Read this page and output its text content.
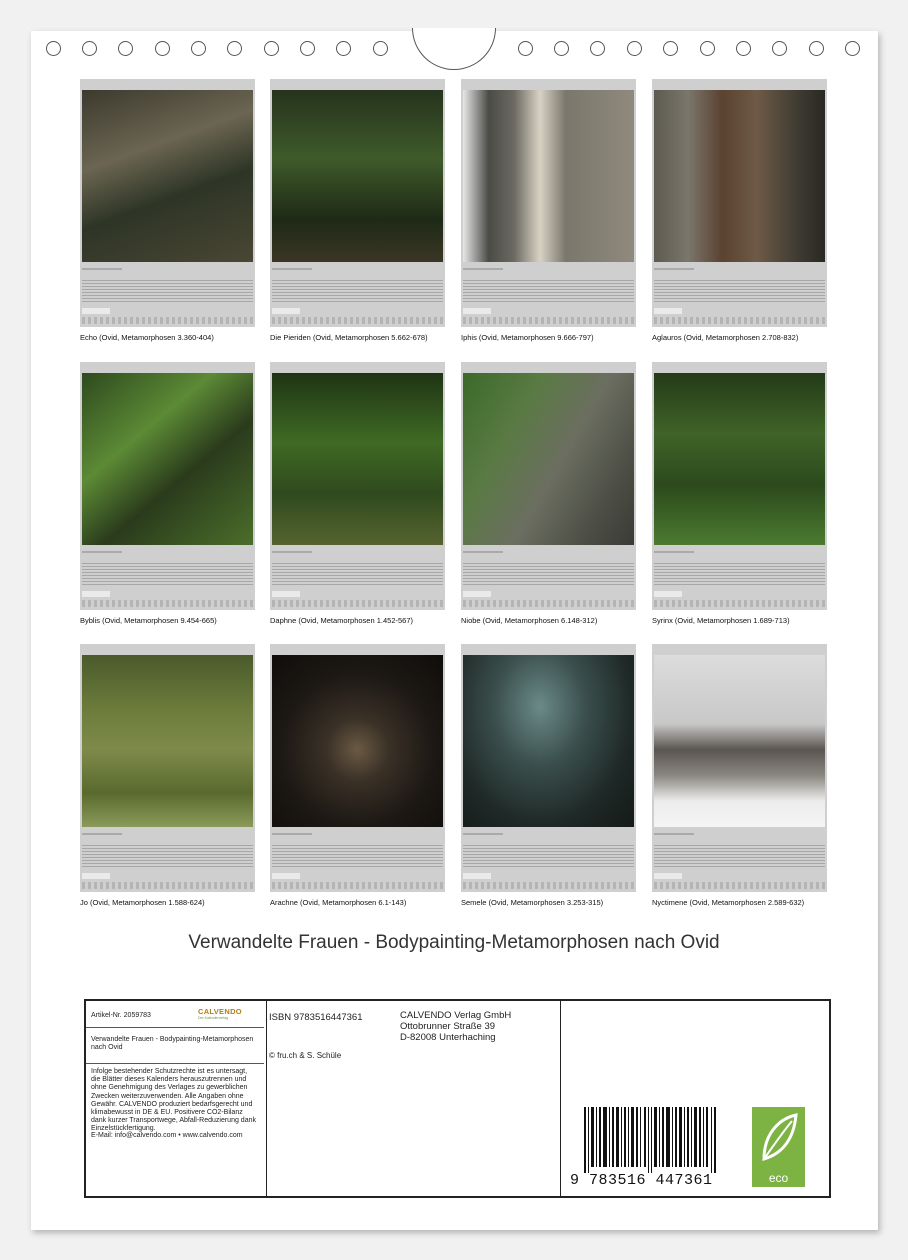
Echo (Ovid, Metamorphosen 3.360-404)	Die Pieriden (Ovid, Metamorphosen 5.662-678)	Iphis (Ovid, Metamorphosen 9.666-797)	Aglauros (Ovid, Metamorphosen 2.708-832)
Byblis (Ovid, Metamorphosen 9.454-665)	Daphne (Ovid, Metamorphosen 1.452-567)	Niobe (Ovid, Metamorphosen 6.148-312)	Syrinx (Ovid, Metamorphosen 1.689-713)
Jo (Ovid, Metamorphosen 1.588-624)	Arachne (Ovid, Metamorphosen 6.1-143)	Semele (Ovid, Metamorphosen 3.253-315)	Nyctimene (Ovid, Metamorphosen 2.589-632)
Verwandelte Frauen - Bodypainting-Metamorphosen nach Ovid
Artikel-Nr. 2059783	CALVENDO
Der Kalenderverlag
Verwandelte Frauen - Bodypainting-Metamorphosen nach Ovid
Infolge bestehender Schutzrechte ist es untersagt, die Blätter dieses Kalenders herauszutrennen und ohne Genehmigung des Verlages zu gewerblichen Zwecken weiterzuverwenden. Alle Angaben ohne Gewähr. CALVENDO produziert bedarfsgerecht und klimabewusst in DE & EU. Positivere CO2-Bilanz dank kurzer Transportwege, Abfall-Reduzierung dank Einzelstückfertigung.
E-Mail: info@calvendo.com • www.calvendo.com
ISBN 9783516447361
© fru.ch & S. Schüle
CALVENDO Verlag GmbH
Ottobrunner Straße 39
D-82008 Unterhaching
9 783516 447361	eco
